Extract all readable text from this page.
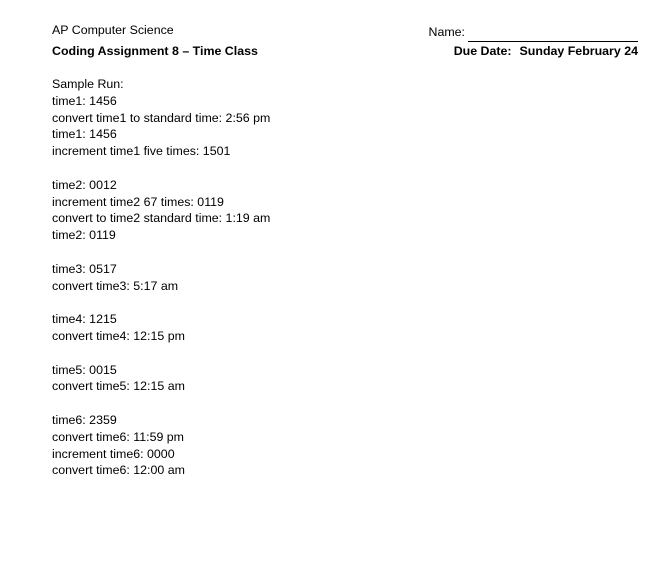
AP Computer Science
Coding Assignment 8 – Time Class
Name:
Due Date: Sunday February 24
Sample Run:
time1: 1456
convert time1 to standard time: 2:56 pm
time1: 1456
increment time1 five times: 1501
time2: 0012
increment time2 67 times: 0119
convert to time2 standard time: 1:19 am
time2: 0119
time3: 0517
convert time3: 5:17 am
time4: 1215
convert time4: 12:15 pm
time5: 0015
convert time5: 12:15 am
time6: 2359
convert time6: 11:59 pm
increment time6: 0000
convert time6: 12:00 am
